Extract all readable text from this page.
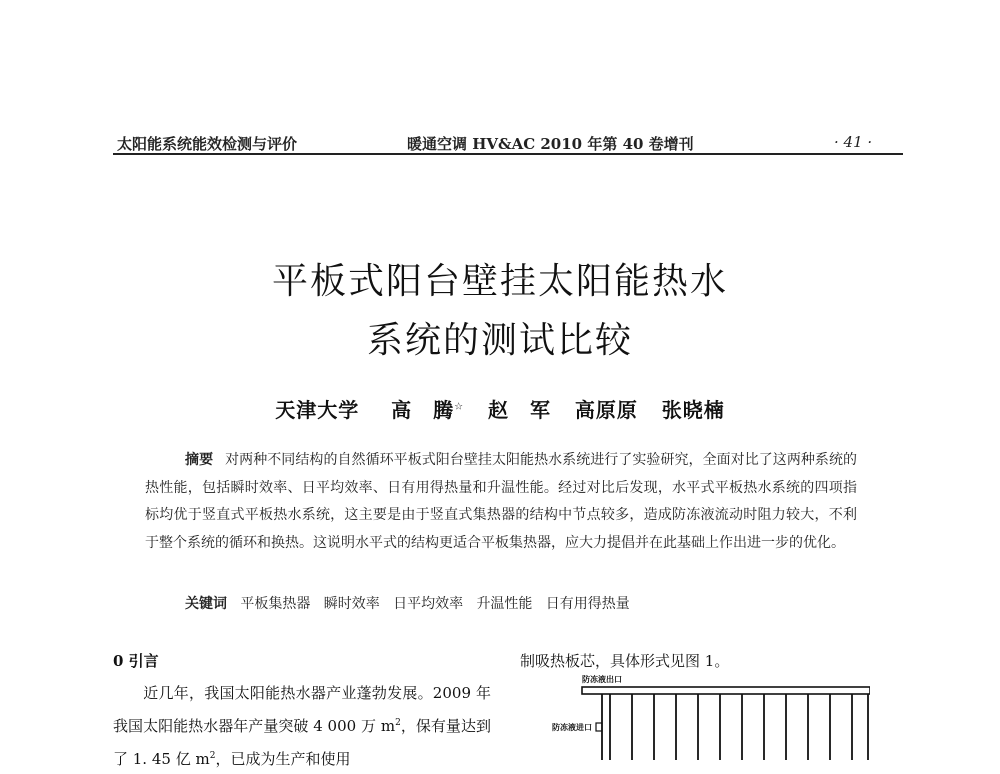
太阳能系统能效检测与评价	暖通空调 HV&AC 2010 年第 40 卷增刊	· 41 ·
平板式阳台壁挂太阳能热水
系统的测试比较
天津大学 高　腾☆ 赵　军 高原原 张晓楠
摘要 对两种不同结构的自然循环平板式阳台壁挂太阳能热水系统进行了实验研究，全面对比了这两种系统的热性能，包括瞬时效率、日平均效率、日有用得热量和升温性能。经过对比后发现，水平式平板热水系统的四项指标均优于竖直式平板热水系统，这主要是由于竖直式集热器的结构中节点较多，造成防冻液流动时阻力较大，不利于整个系统的循环和换热。这说明水平式的结构更适合平板集热器，应大力提倡并在此基础上作出进一步的优化。
关键词 平板集热器 瞬时效率 日平均效率 升温性能 日有用得热量
0 引言
近几年，我国太阳能热水器产业蓬勃发展。2009 年我国太阳能热水器年产量突破 4 000 万 $m^2$，保有量达到了 1. 45 亿 $m^2$，已成为生产和使用
制吸热板芯，具体形式见图 1。
防冻液出口
防冻液进口
